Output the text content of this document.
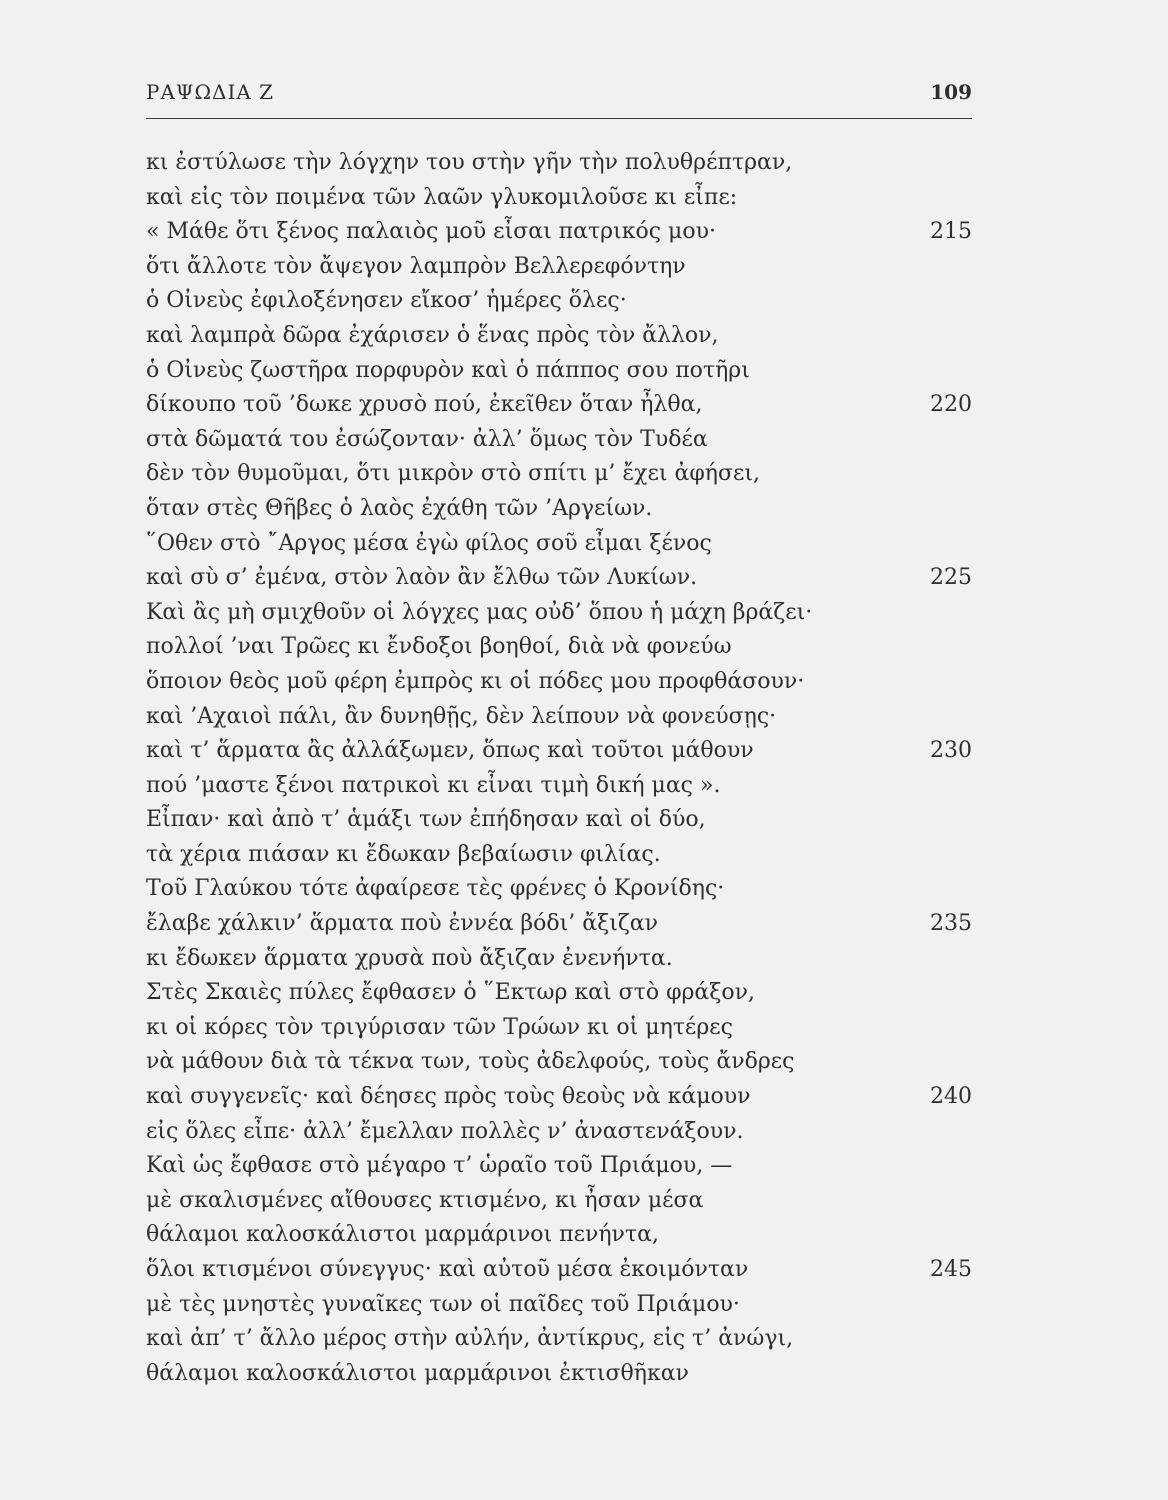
ΡΑΨΩΔΙΑ Ζ	109
κι ἐστύλωσε τὴν λόγχην του στὴν γῆν τὴν πολυθρέπτραν,
καὶ εἰς τὸν ποιμένα τῶν λαῶν γλυκομιλοῦσε κι εἶπε:
« Μάθε ὅτι ξένος παλαιὸς μοῦ εἶσαι πατρικός μου·	215
ὅτι ἄλλοτε τὸν ἄψεγον λαμπρὸν Βελλερεφόντην
ὁ Οἰνεὺς ἐφιλοξένησεν εἴκοσ’ ἡμέρες ὅλες·
καὶ λαμπρὰ δῶρα ἐχάρισεν ὁ ἕνας πρὸς τὸν ἄλλον,
ὁ Οἰνεὺς ζωστῆρα πορφυρὸν καὶ ὁ πάππος σου ποτῆρι
δίκουπο τοῦ ’δωκε χρυσὸ πού, ἐκεῖθεν ὅταν ἦλθα,	220
στὰ δῶματά του ἐσώζονταν· ἀλλ’ ὅμως τὸν Τυδέα
δὲν τὸν θυμοῦμαι, ὅτι μικρὸν στὸ σπίτι μ’ ἔχει ἀφήσει,
ὅταν στὲς Θῆβες ὁ λαὸς ἐχάθη τῶν ’Αργείων.
῞Οθεν στὸ ῎Αργος μέσα ἐγὼ φίλος σοῦ εἶμαι ξένος
καὶ σὺ σ’ ἐμένα, στὸν λαὸν ἂν ἔλθω τῶν Λυκίων.	225
Καὶ ἂς μὴ σμιχθοῦν οἱ λόγχες μας οὐδ’ ὅπου ἡ μάχη βράζει·
πολλοί ’ναι Τρῶες κι ἔνδοξοι βοηθοί, διὰ νὰ φονεύω
ὅποιον θεὸς μοῦ φέρη ἐμπρὸς κι οἱ πόδες μου προφθάσουν·
καὶ ’Αχαιοὶ πάλι, ἂν δυνηθῇς, δὲν λείπουν νὰ φονεύσῃς·
καὶ τ’ ἅρματα ἂς ἀλλάξωμεν, ὅπως καὶ τοῦτοι μάθουν	230
πού ’μαστε ξένοι πατρικοὶ κι εἶναι τιμὴ δική μας ».
Εἶπαν· καὶ ἀπὸ τ’ ἁμάξι των ἐπήδησαν καὶ οἱ δύο,
τὰ χέρια πιάσαν κι ἔδωκαν βεβαίωσιν φιλίας.
Τοῦ Γλαύκου τότε ἀφαίρεσε τὲς φρένες ὁ Κρονίδης·
ἔλαβε χάλκιν’ ἅρματα ποὺ ἐννέα βόδι’ ἄξιζαν	235
κι ἔδωκεν ἅρματα χρυσὰ ποὺ ἄξιζαν ἐνενήντα.
Στὲς Σκαιὲς πύλες ἔφθασεν ὁ ῞Εκτωρ καὶ στὸ φράξον,
κι οἱ κόρες τὸν τριγύρισαν τῶν Τρώων κι οἱ μητέρες
νὰ μάθουν διὰ τὰ τέκνα των, τοὺς ἀδελφούς, τοὺς ἄνδρες
καὶ συγγενεῖς· καὶ δέησες πρὸς τοὺς θεοὺς νὰ κάμουν	240
εἰς ὅλες εἶπε· ἀλλ’ ἔμελλαν πολλὲς ν’ ἀναστενάξουν.
Καὶ ὡς ἔφθασε στὸ μέγαρο τ’ ὡραῖο τοῦ Πριάμου, —
μὲ σκαλισμένες αἴθουσες κτισμένο, κι ἦσαν μέσα
θάλαμοι καλοσκάλιστοι μαρμάρινοι πενήντα,
ὅλοι κτισμένοι σύνεγγυς· καὶ αὐτοῦ μέσα ἐκοιμόνταν	245
μὲ τὲς μνηστὲς γυναῖκες των οἱ παῖδες τοῦ Πριάμου·
καὶ ἀπ’ τ’ ἄλλο μέρος στὴν αὐλήν, ἀντίκρυς, εἰς τ’ ἀνώγι,
θάλαμοι καλοσκάλιστοι μαρμάρινοι ἐκτισθῆκαν
